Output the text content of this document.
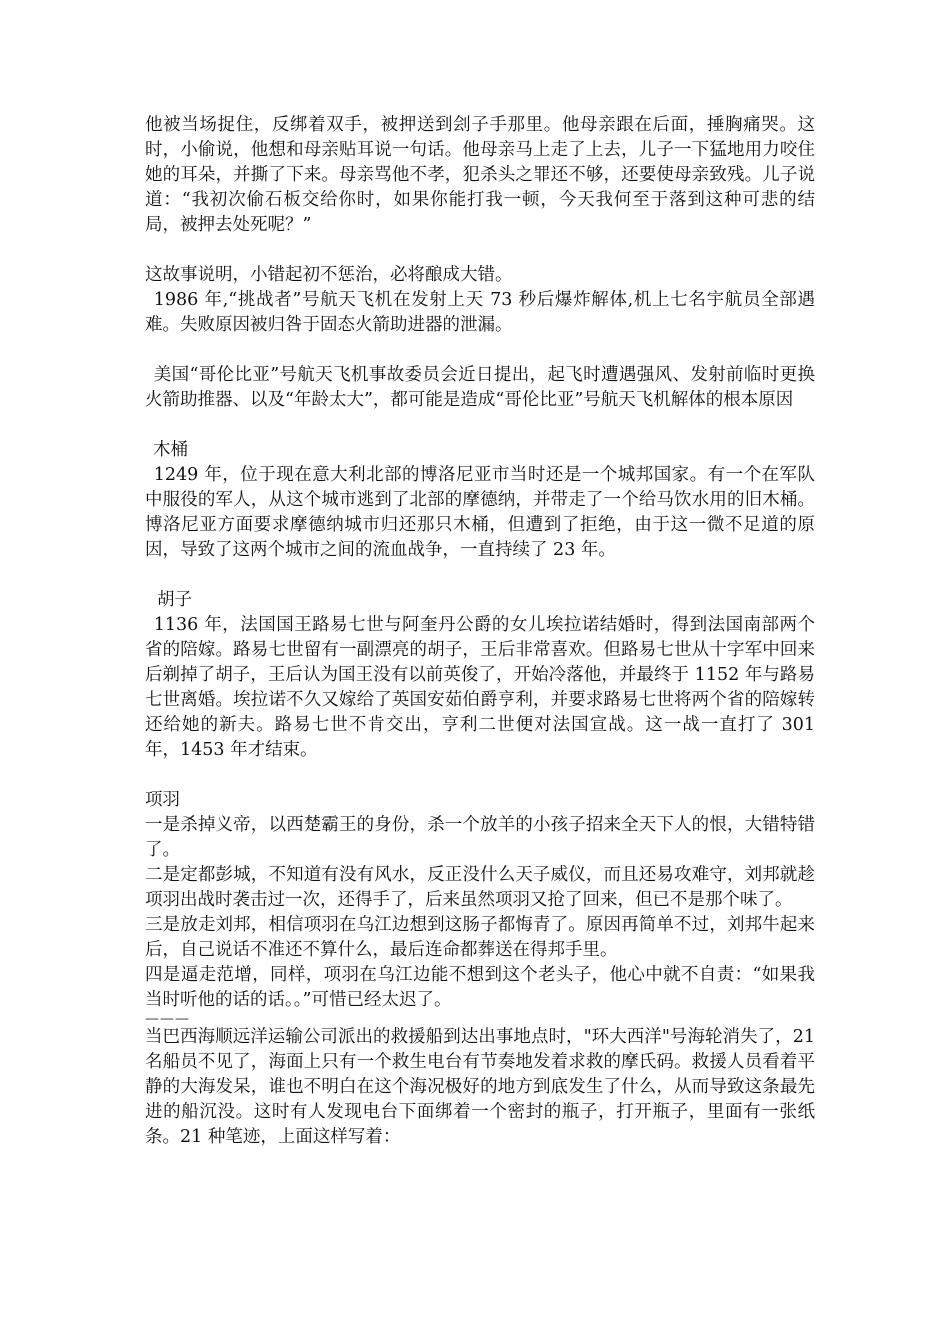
他被当场捉住，反绑着双手，被押送到刽子手那里。他母亲跟在后面，捶胸痛哭。这时，小偷说，他想和母亲贴耳说一句话。他母亲马上走了上去，儿子一下猛地用力咬住她的耳朵，并撕了下来。母亲骂他不孝，犯杀头之罪还不够，还要使母亲致残。儿子说道：“我初次偷石板交给你时，如果你能打我一顿，今天我何至于落到这种可悲的结局，被押去处死呢？”

这故事说明，小错起初不惩治，必将酿成大错。

1986 年,“挑战者”号航天飞机在发射上天 73 秒后爆炸解体,机上七名宇航员全部遇难。失败原因被归咎于固态火箭助进器的泄漏。

美国“哥伦比亚”号航天飞机事故委员会近日提出，起飞时遭遇强风、发射前临时更换火箭助推器、以及“年龄太大”，都可能是造成“哥伦比亚”号航天飞机解体的根本原因

木桶

1249 年，位于现在意大利北部的博洛尼亚市当时还是一个城邦国家。有一个在军队中服役的军人，从这个城市逃到了北部的摩德纳，并带走了一个给马饮水用的旧木桶。博洛尼亚方面要求摩德纳城市归还那只木桶，但遭到了拒绝，由于这一微不足道的原因，导致了这两个城市之间的流血战争，一直持续了 23 年。

胡子

1136 年，法国国王路易七世与阿奎丹公爵的女儿埃拉诺结婚时，得到法国南部两个省的陪嫁。路易七世留有一副漂亮的胡子，王后非常喜欢。但路易七世从十字军中回来后剃掉了胡子，王后认为国王没有以前英俊了，开始冷落他，并最终于 1152 年与路易七世离婚。埃拉诺不久又嫁给了英国安茹伯爵亨利，并要求路易七世将两个省的陪嫁转还给她的新夫。路易七世不肯交出，亨利二世便对法国宣战。这一战一直打了 301 年，1453 年才结束。

项羽

一是杀掉义帝，以西楚霸王的身份，杀一个放羊的小孩子招来全天下人的恨，大错特错了。

二是定都彭城，不知道有没有风水，反正没什么天子威仪，而且还易攻难守，刘邦就趁项羽出战时袭击过一次，还得手了，后来虽然项羽又抢了回来，但已不是那个味了。

三是放走刘邦，相信项羽在乌江边想到这肠子都悔青了。原因再简单不过，刘邦牛起来后，自己说话不准还不算什么，最后连命都葬送在得邦手里。

四是逼走范增，同样，项羽在乌江边能不想到这个老头子，他心中就不自责：“如果我当时听他的话的话。。”可惜已经太迟了。

———

当巴西海顺远洋运输公司派出的救援船到达出事地点时，"环大西洋"号海轮消失了，21 名船员不见了，海面上只有一个救生电台有节奏地发着求救的摩氏码。救援人员看着平静的大海发呆，谁也不明白在这个海况极好的地方到底发生了什么，从而导致这条最先进的船沉没。这时有人发现电台下面绑着一个密封的瓶子，打开瓶子，里面有一张纸条。21 种笔迹，上面这样写着：
